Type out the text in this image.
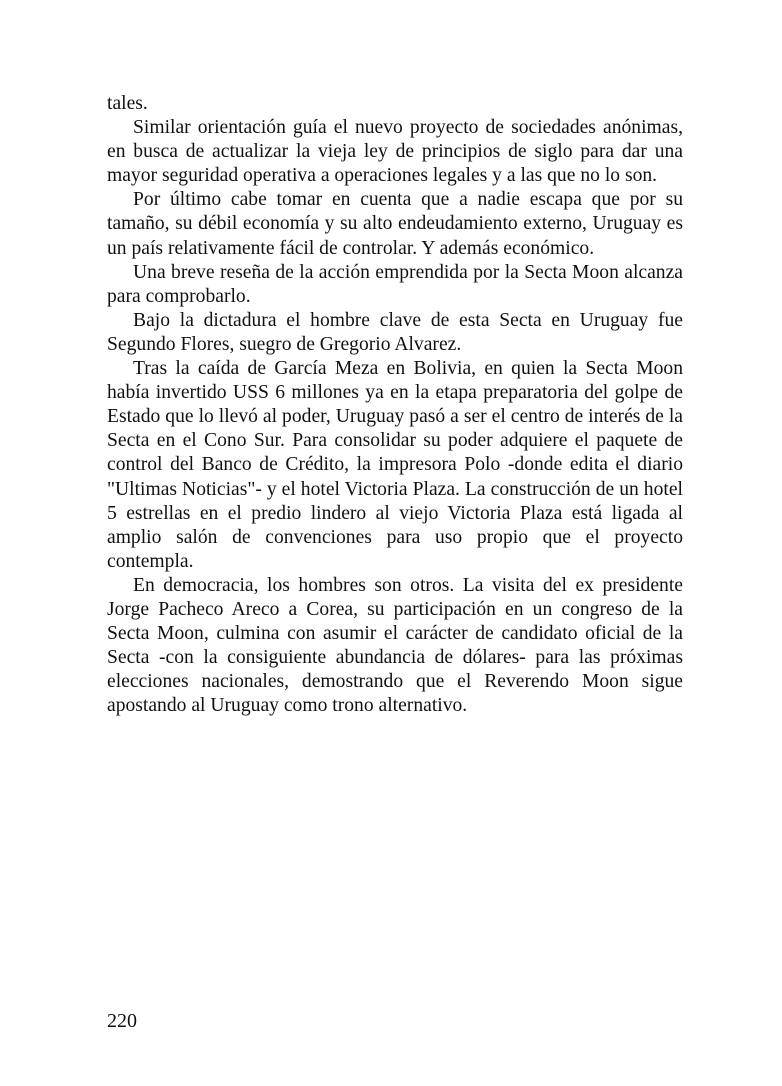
tales.

Similar orientación guía el nuevo proyecto de sociedades anónimas, en busca de actualizar la vieja ley de principios de siglo para dar una mayor seguridad operativa a operaciones legales y a las que no lo son.

Por último cabe tomar en cuenta que a nadie escapa que por su tamaño, su débil economía y su alto endeudamiento externo, Uruguay es un país relativamente fácil de controlar. Y además económico.

Una breve reseña de la acción emprendida por la Secta Moon alcanza para comprobarlo.

Bajo la dictadura el hombre clave de esta Secta en Uruguay fue Segundo Flores, suegro de Gregorio Alvarez.

Tras la caída de García Meza en Bolivia, en quien la Secta Moon había invertido USS 6 millones ya en la etapa preparatoria del golpe de Estado que lo llevó al poder, Uruguay pasó a ser el centro de interés de la Secta en el Cono Sur. Para consolidar su poder adquiere el paquete de control del Banco de Crédito, la impresora Polo -donde edita el diario "Ultimas Noticias"- y el hotel Victoria Plaza. La construcción de un hotel 5 estrellas en el predio lindero al viejo Victoria Plaza está ligada al amplio salón de convenciones para uso propio que el proyecto contempla.

En democracia, los hombres son otros. La visita del ex presidente Jorge Pacheco Areco a Corea, su participación en un congreso de la Secta Moon, culmina con asumir el carácter de candidato oficial de la Secta -con la consiguiente abundancia de dólares- para las próximas elecciones nacionales, demostrando que el Reverendo Moon sigue apostando al Uruguay como trono alternativo.

220
